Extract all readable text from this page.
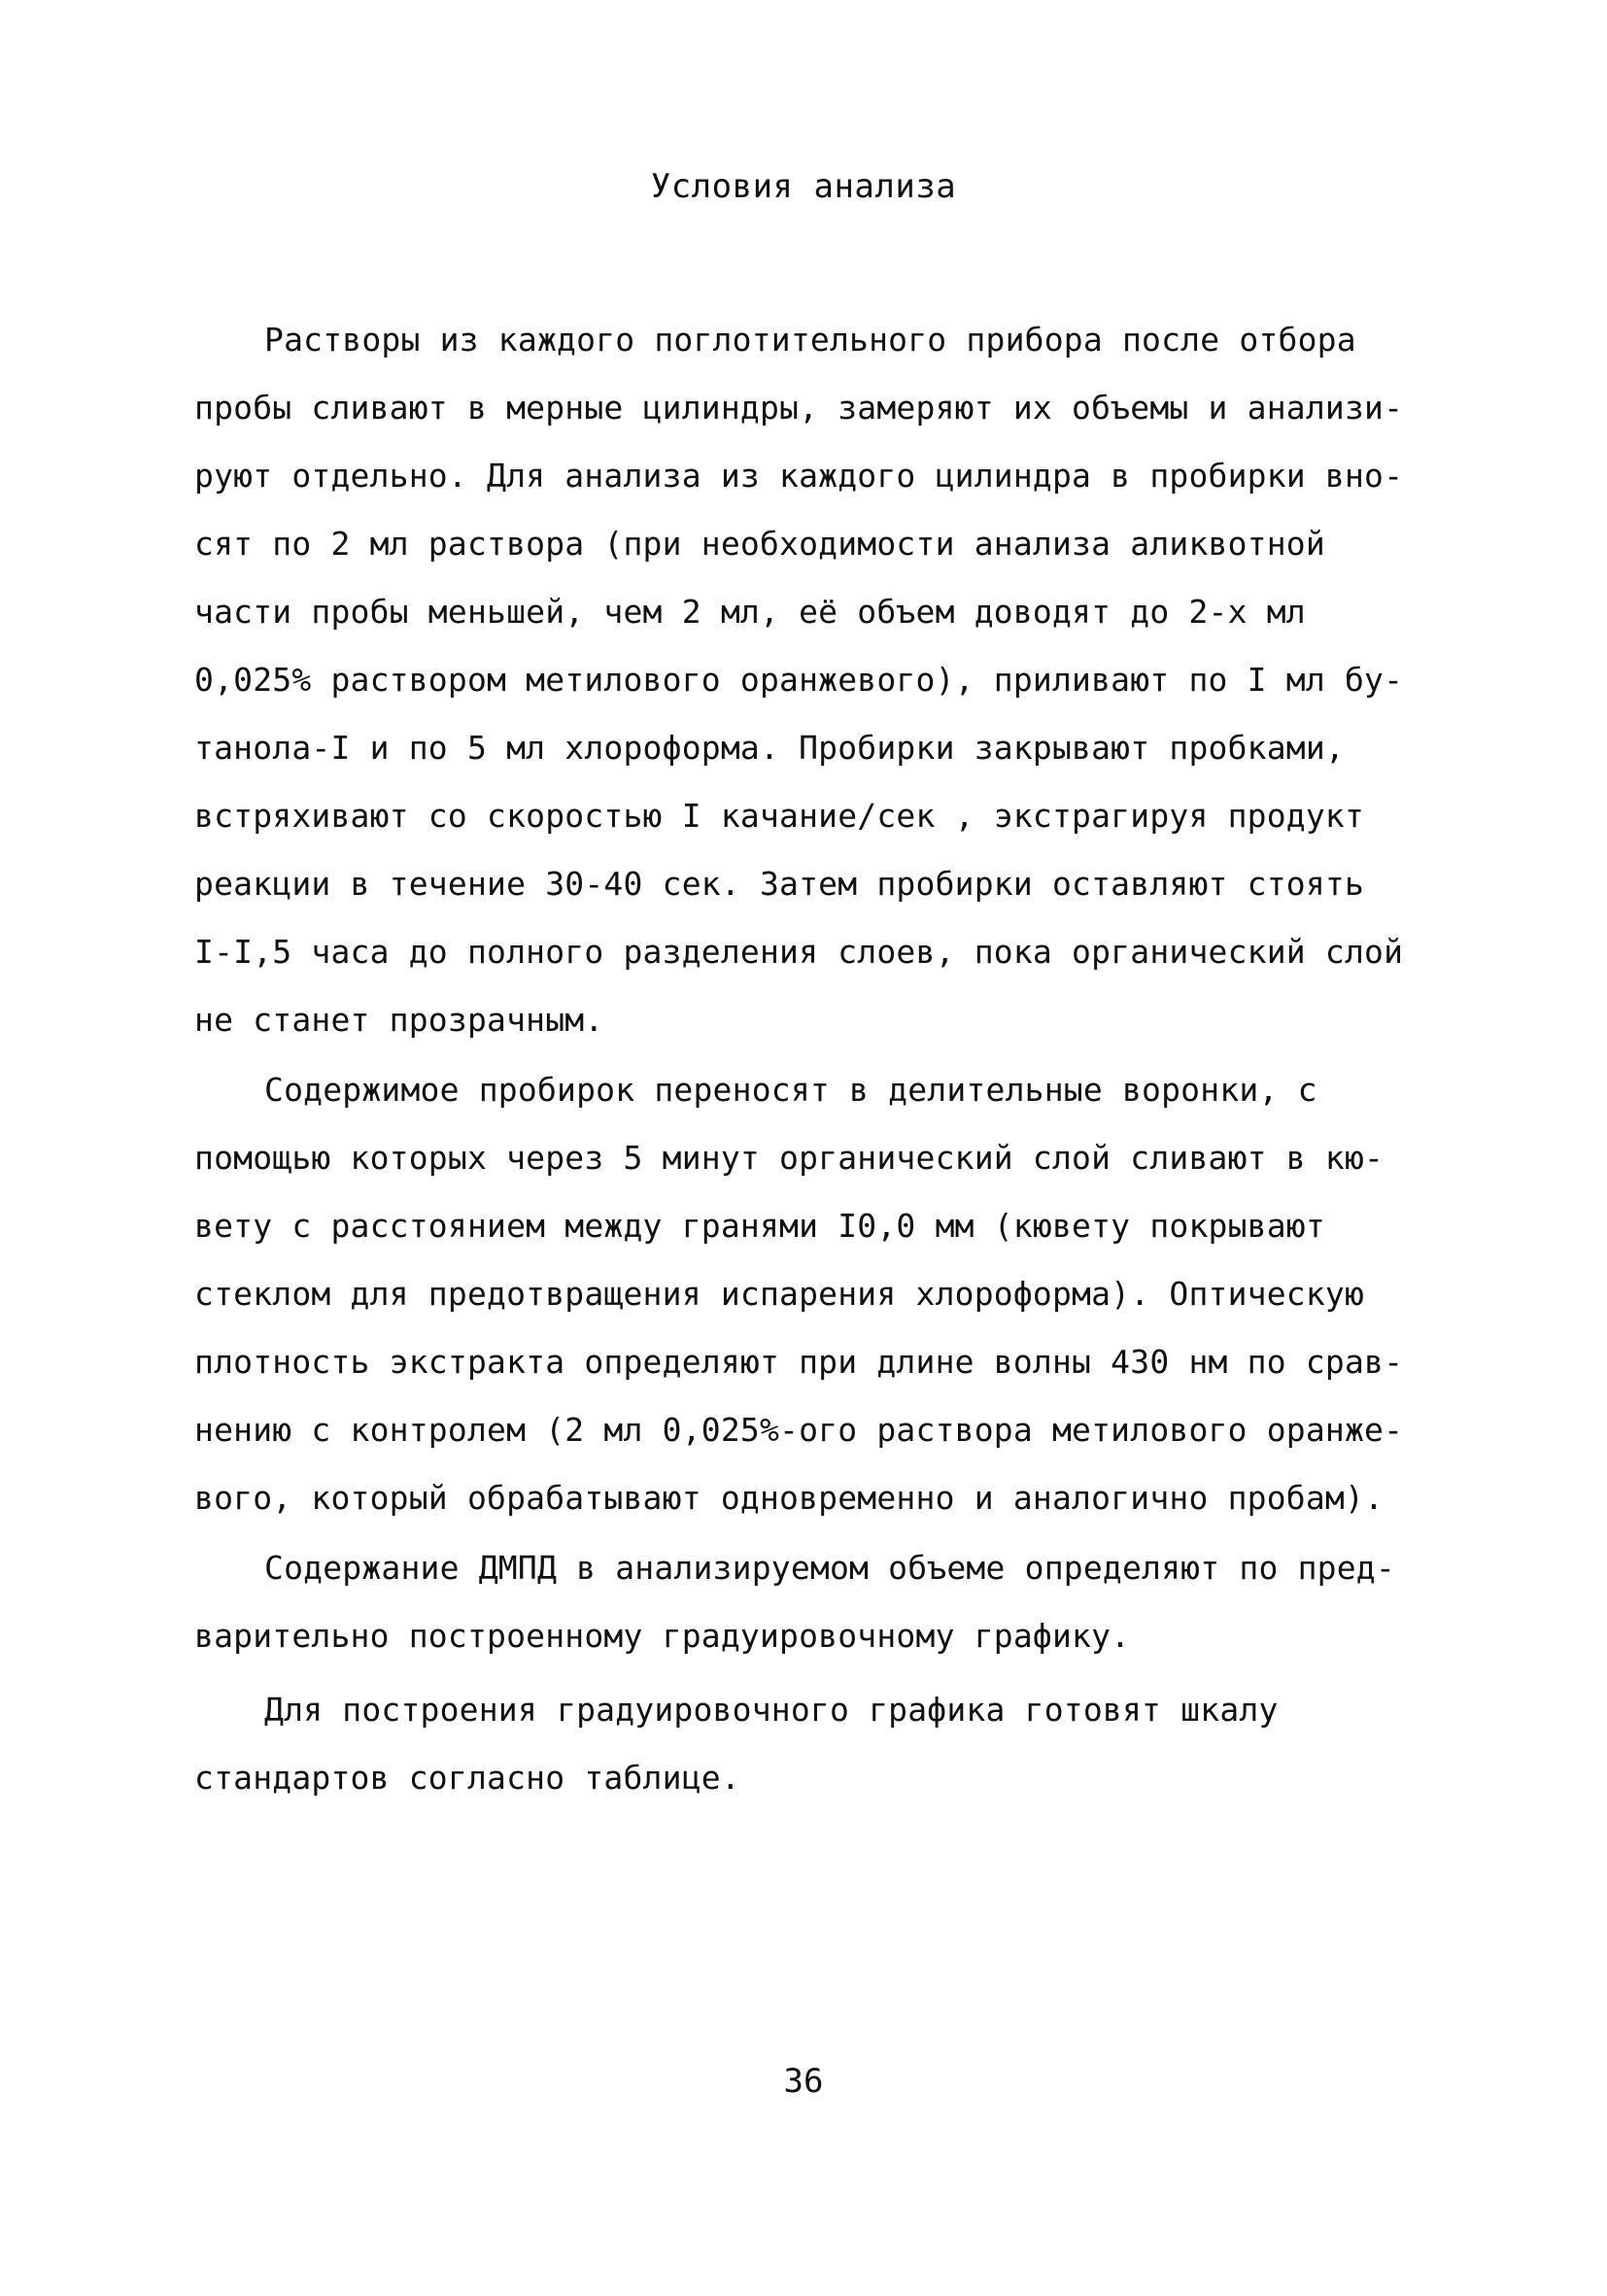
Условия анализа

Растворы из каждого поглотительного прибора после отбора

пробы сливают в мерные цилиндры, замеряют их объемы и анализи-

руют отдельно. Для анализа из каждого цилиндра в пробирки вно-

сят по 2 мл раствора (при необходимости анализа аликвотной

части пробы меньшей, чем 2 мл, её объем доводят до 2-х мл

0,025% раствором метилового оранжевого), приливают по I мл бу-

танола-I и по 5 мл хлороформа. Пробирки закрывают пробками,

встряхивают со скоростью I качание/сек , экстрагируя продукт

реакции в течение 30-40 сек. Затем пробирки оставляют стоять

I-I,5 часа до полного разделения слоев, пока органический слой

не станет прозрачным.

Содержимое пробирок переносят в делительные воронки, с

помощью которых через 5 минут органический слой сливают в кю-

вету с расстоянием между гранями I0,0 мм (кювету покрывают

стеклом для предотвращения испарения хлороформа). Оптическую

плотность экстракта определяют при длине волны 430 нм по срав-

нению с контролем (2 мл 0,025%-ого раствора метилового оранже-

вого, который обрабатывают одновременно и аналогично пробам).

Содержание ДМПД в анализируемом объеме определяют по пред-

варительно построенному градуировочному графику.

Для построения градуировочного графика готовят шкалу

стандартов согласно таблице.

36
